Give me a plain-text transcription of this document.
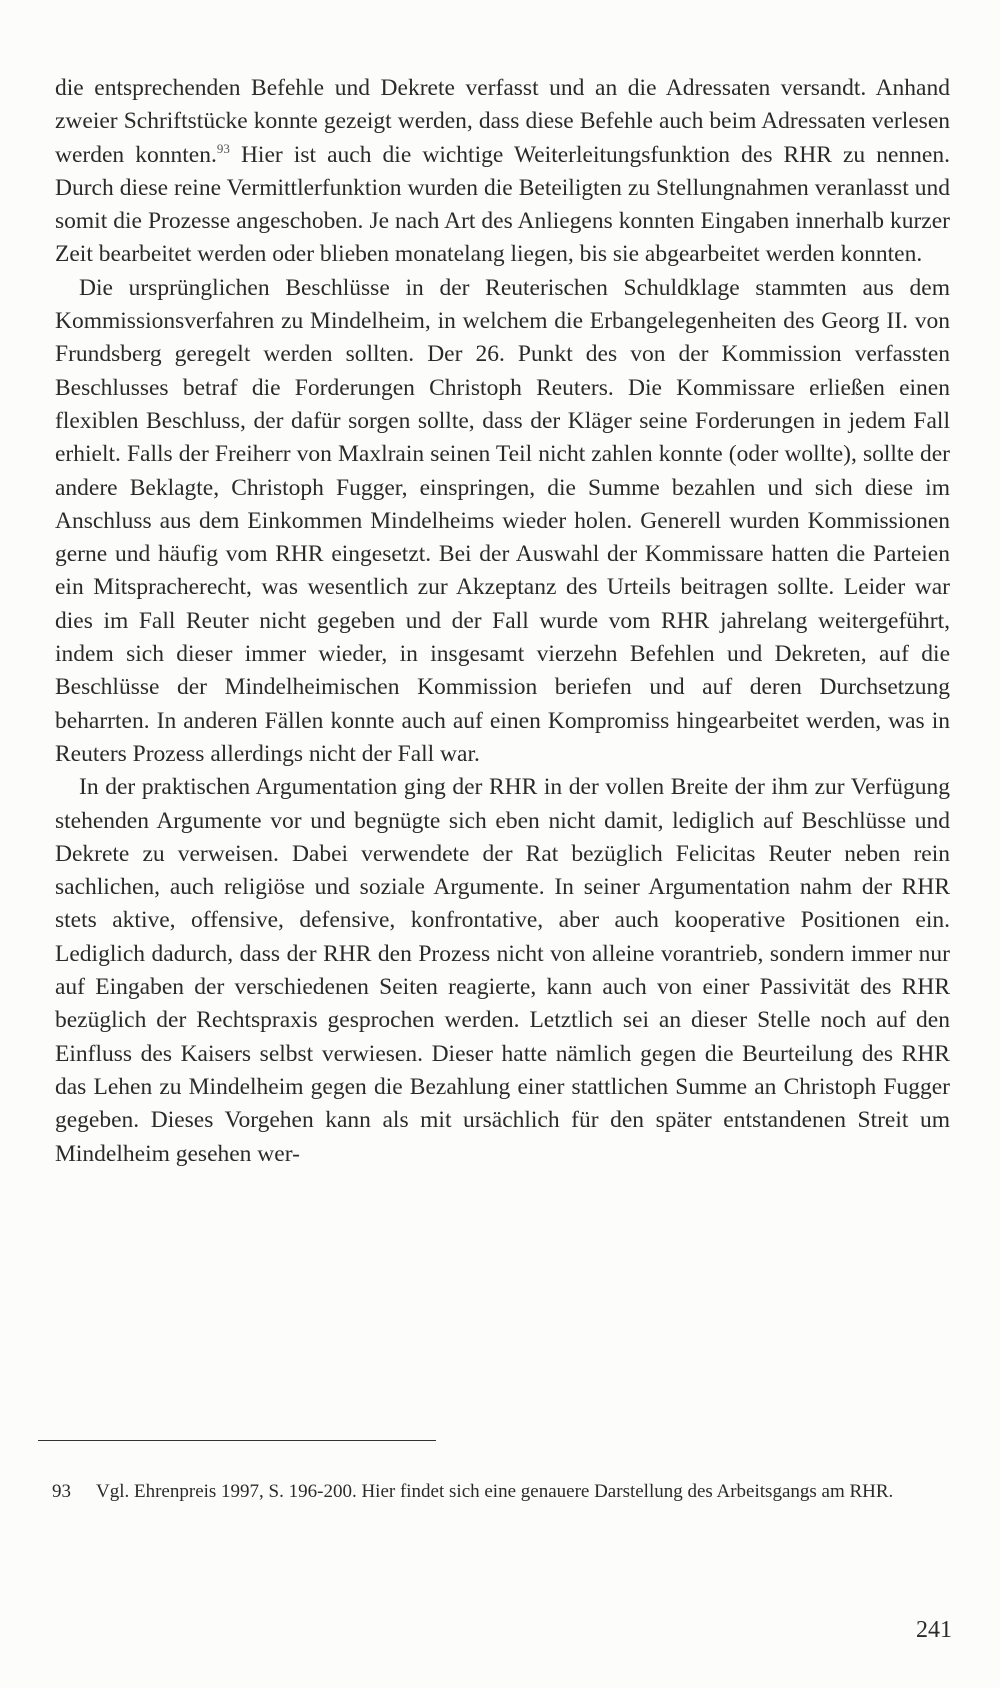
die entsprechenden Befehle und Dekrete verfasst und an die Adressaten versandt. Anhand zweier Schriftstücke konnte gezeigt werden, dass diese Befehle auch beim Adressaten verlesen werden konnten.$^{93}$ Hier ist auch die wichtige Weiterleitungsfunktion des RHR zu nennen. Durch diese reine Vermittlerfunktion wurden die Beteiligten zu Stellungnahmen veranlasst und somit die Prozesse angeschoben. Je nach Art des Anliegens konnten Eingaben innerhalb kurzer Zeit bearbeitet werden oder blieben monatelang liegen, bis sie abgearbeitet werden konnten.

Die ursprünglichen Beschlüsse in der Reuterischen Schuldklage stammten aus dem Kommissionsverfahren zu Mindelheim, in welchem die Erbangelegenheiten des Georg II. von Frundsberg geregelt werden sollten. Der 26. Punkt des von der Kommission verfassten Beschlusses betraf die Forderungen Christoph Reuters. Die Kommissare erließen einen flexiblen Beschluss, der dafür sorgen sollte, dass der Kläger seine Forderungen in jedem Fall erhielt. Falls der Freiherr von Maxlrain seinen Teil nicht zahlen konnte (oder wollte), sollte der andere Beklagte, Christoph Fugger, einspringen, die Summe bezahlen und sich diese im Anschluss aus dem Einkommen Mindelheims wieder holen. Generell wurden Kommissionen gerne und häufig vom RHR eingesetzt. Bei der Auswahl der Kommissare hatten die Parteien ein Mitspracherecht, was wesentlich zur Akzeptanz des Urteils beitragen sollte. Leider war dies im Fall Reuter nicht gegeben und der Fall wurde vom RHR jahrelang weitergeführt, indem sich dieser immer wieder, in insgesamt vierzehn Befehlen und Dekreten, auf die Beschlüsse der Mindelheimischen Kommission beriefen und auf deren Durchsetzung beharrten. In anderen Fällen konnte auch auf einen Kompromiss hingearbeitet werden, was in Reuters Prozess allerdings nicht der Fall war.

In der praktischen Argumentation ging der RHR in der vollen Breite der ihm zur Verfügung stehenden Argumente vor und begnügte sich eben nicht damit, lediglich auf Beschlüsse und Dekrete zu verweisen. Dabei verwendete der Rat bezüglich Felicitas Reuter neben rein sachlichen, auch religiöse und soziale Argumente. In seiner Argumentation nahm der RHR stets aktive, offensive, defensive, konfrontative, aber auch kooperative Positionen ein. Lediglich dadurch, dass der RHR den Prozess nicht von alleine vorantrieb, sondern immer nur auf Eingaben der verschiedenen Seiten reagierte, kann auch von einer Passivität des RHR bezüglich der Rechtspraxis gesprochen werden. Letztlich sei an dieser Stelle noch auf den Einfluss des Kaisers selbst verwiesen. Dieser hatte nämlich gegen die Beurteilung des RHR das Lehen zu Mindelheim gegen die Bezahlung einer stattlichen Summe an Christoph Fugger gegeben. Dieses Vorgehen kann als mit ursächlich für den später entstandenen Streit um Mindelheim gesehen wer-

93	Vgl. Ehrenpreis 1997, S. 196-200. Hier findet sich eine genauere Darstellung des Arbeitsgangs am RHR.
241
